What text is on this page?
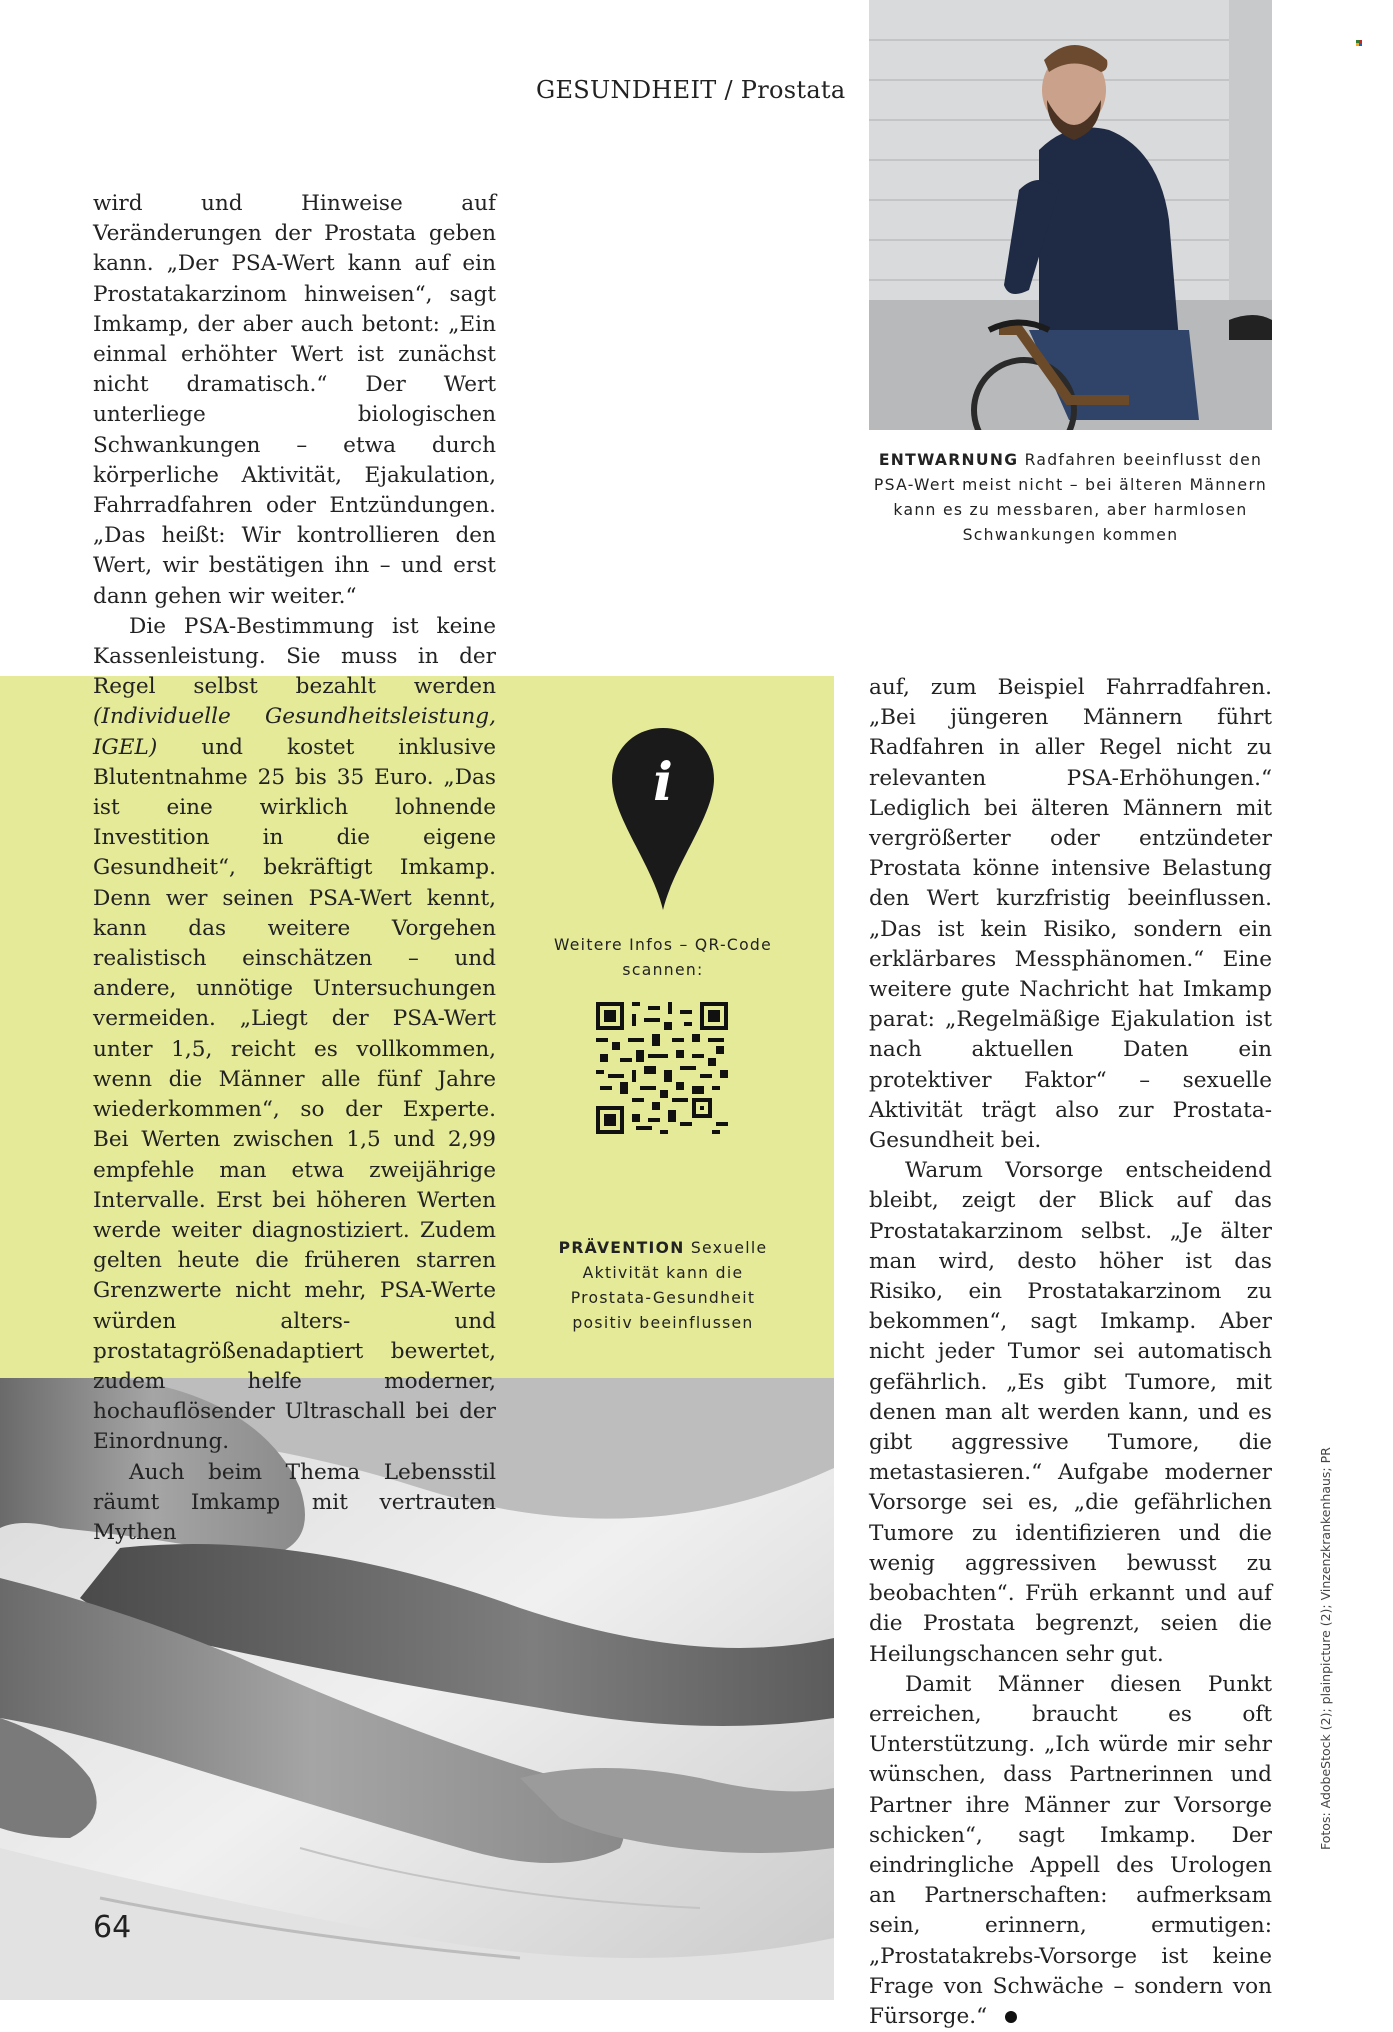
GESUNDHEIT / Prostata

wird und Hinweise auf Veränderungen der Prostata geben kann. „Der PSA-Wert kann auf ein Prostatakarzinom hinweisen“, sagt Imkamp, der aber auch betont: „Ein einmal erhöhter Wert ist zunächst nicht dramatisch.“ Der Wert unterliege biologischen Schwankungen – etwa durch körperliche Aktivität, Ejakulation, Fahrradfahren oder Entzündungen. „Das heißt: Wir kontrollieren den Wert, wir bestätigen ihn – und erst dann gehen wir weiter.“

Die PSA-Bestimmung ist keine Kassenleistung. Sie muss in der Regel selbst bezahlt werden (Individuelle Gesundheitsleistung, IGEL) und kostet inklusive Blutentnahme 25 bis 35 Euro. „Das ist eine wirklich lohnende Investition in die eigene Gesundheit“, bekräftigt Imkamp. Denn wer seinen PSA-Wert kennt, kann das weitere Vorgehen realistisch einschätzen – und andere, unnötige Untersuchungen vermeiden. „Liegt der PSA-Wert unter 1,5, reicht es vollkommen, wenn die Männer alle fünf Jahre wiederkommen“, so der Experte. Bei Werten zwischen 1,5 und 2,99 empfehle man etwa zweijährige Intervalle. Erst bei höheren Werten werde weiter diagnostiziert. Zudem gelten heute die früheren starren Grenzwerte nicht mehr, PSA-Werte würden alters- und prostatagrößenadaptiert bewertet, zudem helfe moderner, hochauflösender Ultraschall bei der Einordnung.

Auch beim Thema Lebensstil räumt Imkamp mit vertrauten Mythen

ENTWARNUNG Radfahren beeinflusst den PSA-Wert meist nicht – bei älteren Männern kann es zu messbaren, aber harmlosen Schwankungen kommen
i
Weitere Infos – QR-Code scannen:
PRÄVENTION Sexuelle Aktivität kann die Prostata-Gesundheit positiv beeinflussen

auf, zum Beispiel Fahrradfahren. „Bei jüngeren Männern führt Radfahren in aller Regel nicht zu relevanten PSA-Erhöhungen.“ Lediglich bei älteren Männern mit vergrößerter oder entzündeter Prostata könne intensive Belastung den Wert kurzfristig beeinflussen. „Das ist kein Risiko, sondern ein erklärbares Messphänomen.“ Eine weitere gute Nachricht hat Imkamp parat: „Regelmäßige Ejakulation ist nach aktuellen Daten ein protektiver Faktor“ – sexuelle Aktivität trägt also zur Prostata-Gesundheit bei.

Warum Vorsorge entscheidend bleibt, zeigt der Blick auf das Prostatakarzinom selbst. „Je älter man wird, desto höher ist das Risiko, ein Prostatakarzinom zu bekommen“, sagt Imkamp. Aber nicht jeder Tumor sei automatisch gefährlich. „Es gibt Tumore, mit denen man alt werden kann, und es gibt aggressive Tumore, die metastasieren.“ Aufgabe moderner Vorsorge sei es, „die gefährlichen Tumore zu identifizieren und die wenig aggressiven bewusst zu beobachten“. Früh erkannt und auf die Prostata begrenzt, seien die Heilungschancen sehr gut.

Damit Männer diesen Punkt erreichen, braucht es oft Unterstützung. „Ich würde mir sehr wünschen, dass Partnerinnen und Partner ihre Männer zur Vorsorge schicken“, sagt Imkamp. Der eindringliche Appell des Urologen an Partnerschaften: aufmerksam sein, erinnern, ermutigen: „Prostatakrebs-Vorsorge ist keine Frage von Schwäche – sondern von Fürsorge.“

64
Fotos: AdobeStock (2); plainpicture (2); Vinzenzkrankenhaus; PR
